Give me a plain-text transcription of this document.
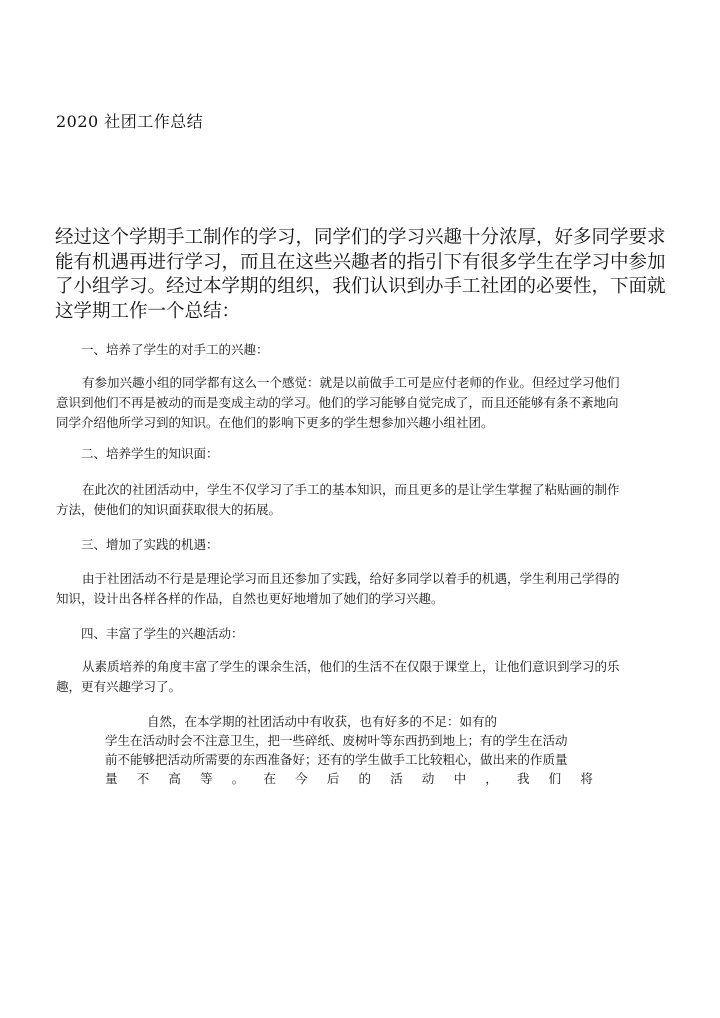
2020 社团工作总结
经过这个学期手工制作的学习，同学们的学习兴趣十分浓厚，好多同学要求
能有机遇再进行学习，而且在这些兴趣者的指引下有很多学生在学习中参加
了小组学习。经过本学期的组织，我们认识到办手工社团的必要性，下面就
这学期工作一个总结：
一、培养了学生的对手工的兴趣：
有参加兴趣小组的同学都有这么一个感觉：就是以前做手工可是应付老师的作业。但经过学习他们
意识到他们不再是被动的而是变成主动的学习。他们的学习能够自觉完成了，而且还能够有条不紊地向
同学介绍他所学习到的知识。在他们的影响下更多的学生想参加兴趣小组社团。
二、培养学生的知识面：
在此次的社团活动中，学生不仅学习了手工的基本知识，而且更多的是让学生掌握了粘贴画的制作
方法，使他们的知识面获取很大的拓展。
三、增加了实践的机遇：
由于社团活动不行是是理论学习而且还参加了实践，给好多同学以着手的机遇，学生利用己学得的
知识，设计出各样各样的作品，自然也更好地增加了她们的学习兴趣。
四、丰富了学生的兴趣活动：
从素质培养的角度丰富了学生的课余生活，他们的生活不在仅限于课堂上，让他们意识到学习的乐
趣，更有兴趣学习了。
自然，在本学期的社团活动中有收获，也有好多的不足：如有的
学生在活动时会不注意卫生，把一些碎纸、废树叶等东西扔到地上；有的学生在活动
前不能够把活动所需要的东西准备好；还有的学生做手工比较粗心，做出来的作质量
量 不 高 等 。 在 今 后 的 活 动 中 ， 我 们 将
